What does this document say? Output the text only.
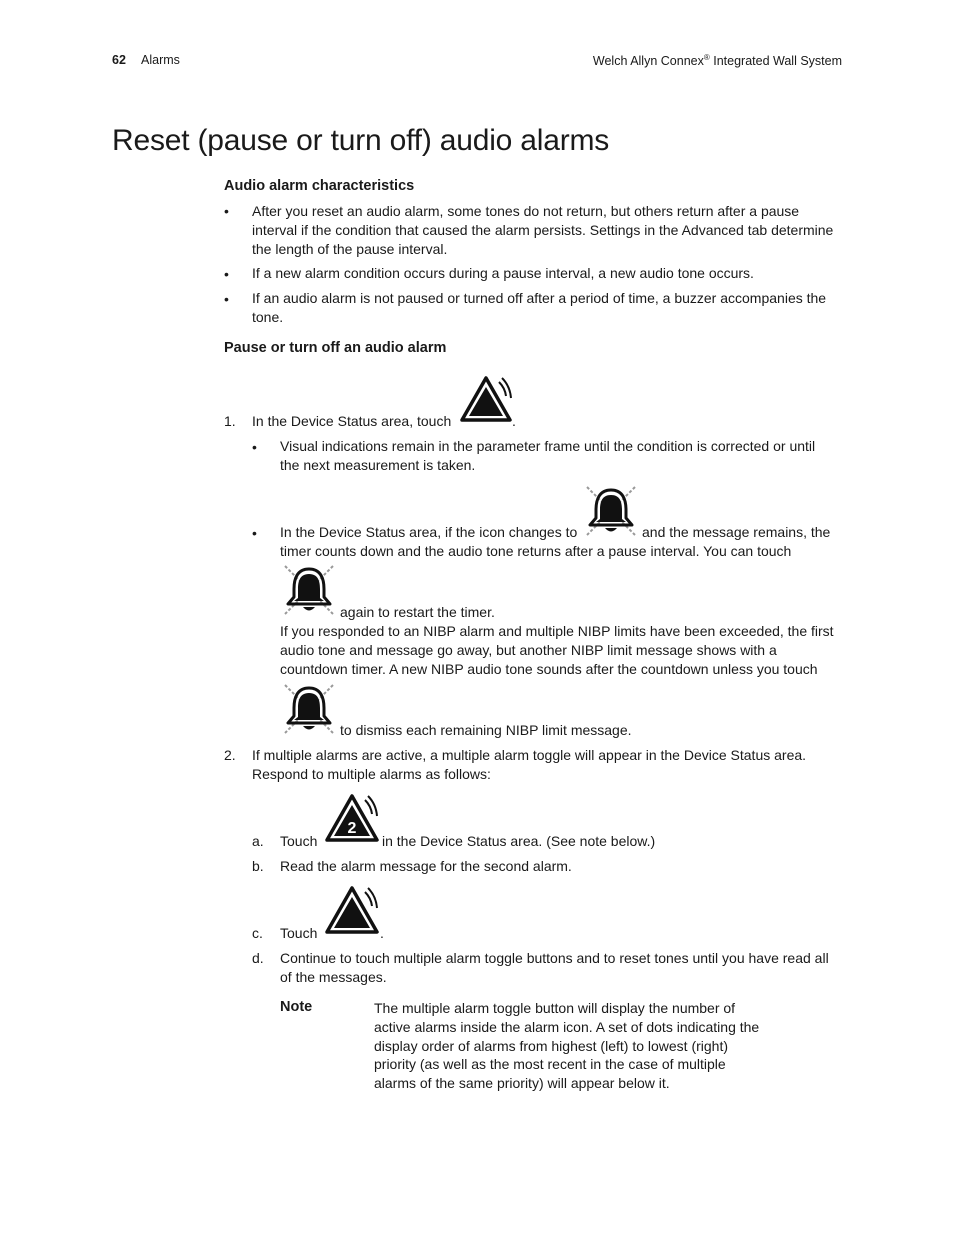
62 Alarms	Welch Allyn Connex® Integrated Wall System
Reset (pause or turn off) audio alarms
Audio alarm characteristics
• After you reset an audio alarm, some tones do not return, but others return after a pause
interval if the condition that caused the alarm persists. Settings in the Advanced tab determine
the length of the pause interval.
• If a new alarm condition occurs during a pause interval, a new audio tone occurs.
• If an audio alarm is not paused or turned off after a period of time, a buzzer accompanies the
tone.
Pause or turn off an audio alarm
1. In the Device Status area, touch	.
• Visual indications remain in the parameter frame until the condition is corrected or until
the next measurement is taken.
• In the Device Status area, if the icon changes to	and the message remains, the
timer counts down and the audio tone returns after a pause interval. You can touch
again to restart the timer.
If you responded to an NIBP alarm and multiple NIBP limits have been exceeded, the first
audio tone and message go away, but another NIBP limit message shows with a
countdown timer. A new NIBP audio tone sounds after the countdown unless you touch
to dismiss each remaining NIBP limit message.
2. If multiple alarms are active, a multiple alarm toggle will appear in the Device Status area.
Respond to multiple alarms as follows:
a. Touch
2
in the Device Status area. (See note below.)
b. Read the alarm message for the second alarm.
c. Touch	.
d. Continue to touch multiple alarm toggle buttons and to reset tones until you have read all
of the messages.
Note	The multiple alarm toggle button will display the number of
active alarms inside the alarm icon. A set of dots indicating the
display order of alarms from highest (left) to lowest (right)
priority (as well as the most recent in the case of multiple
alarms of the same priority) will appear below it.
